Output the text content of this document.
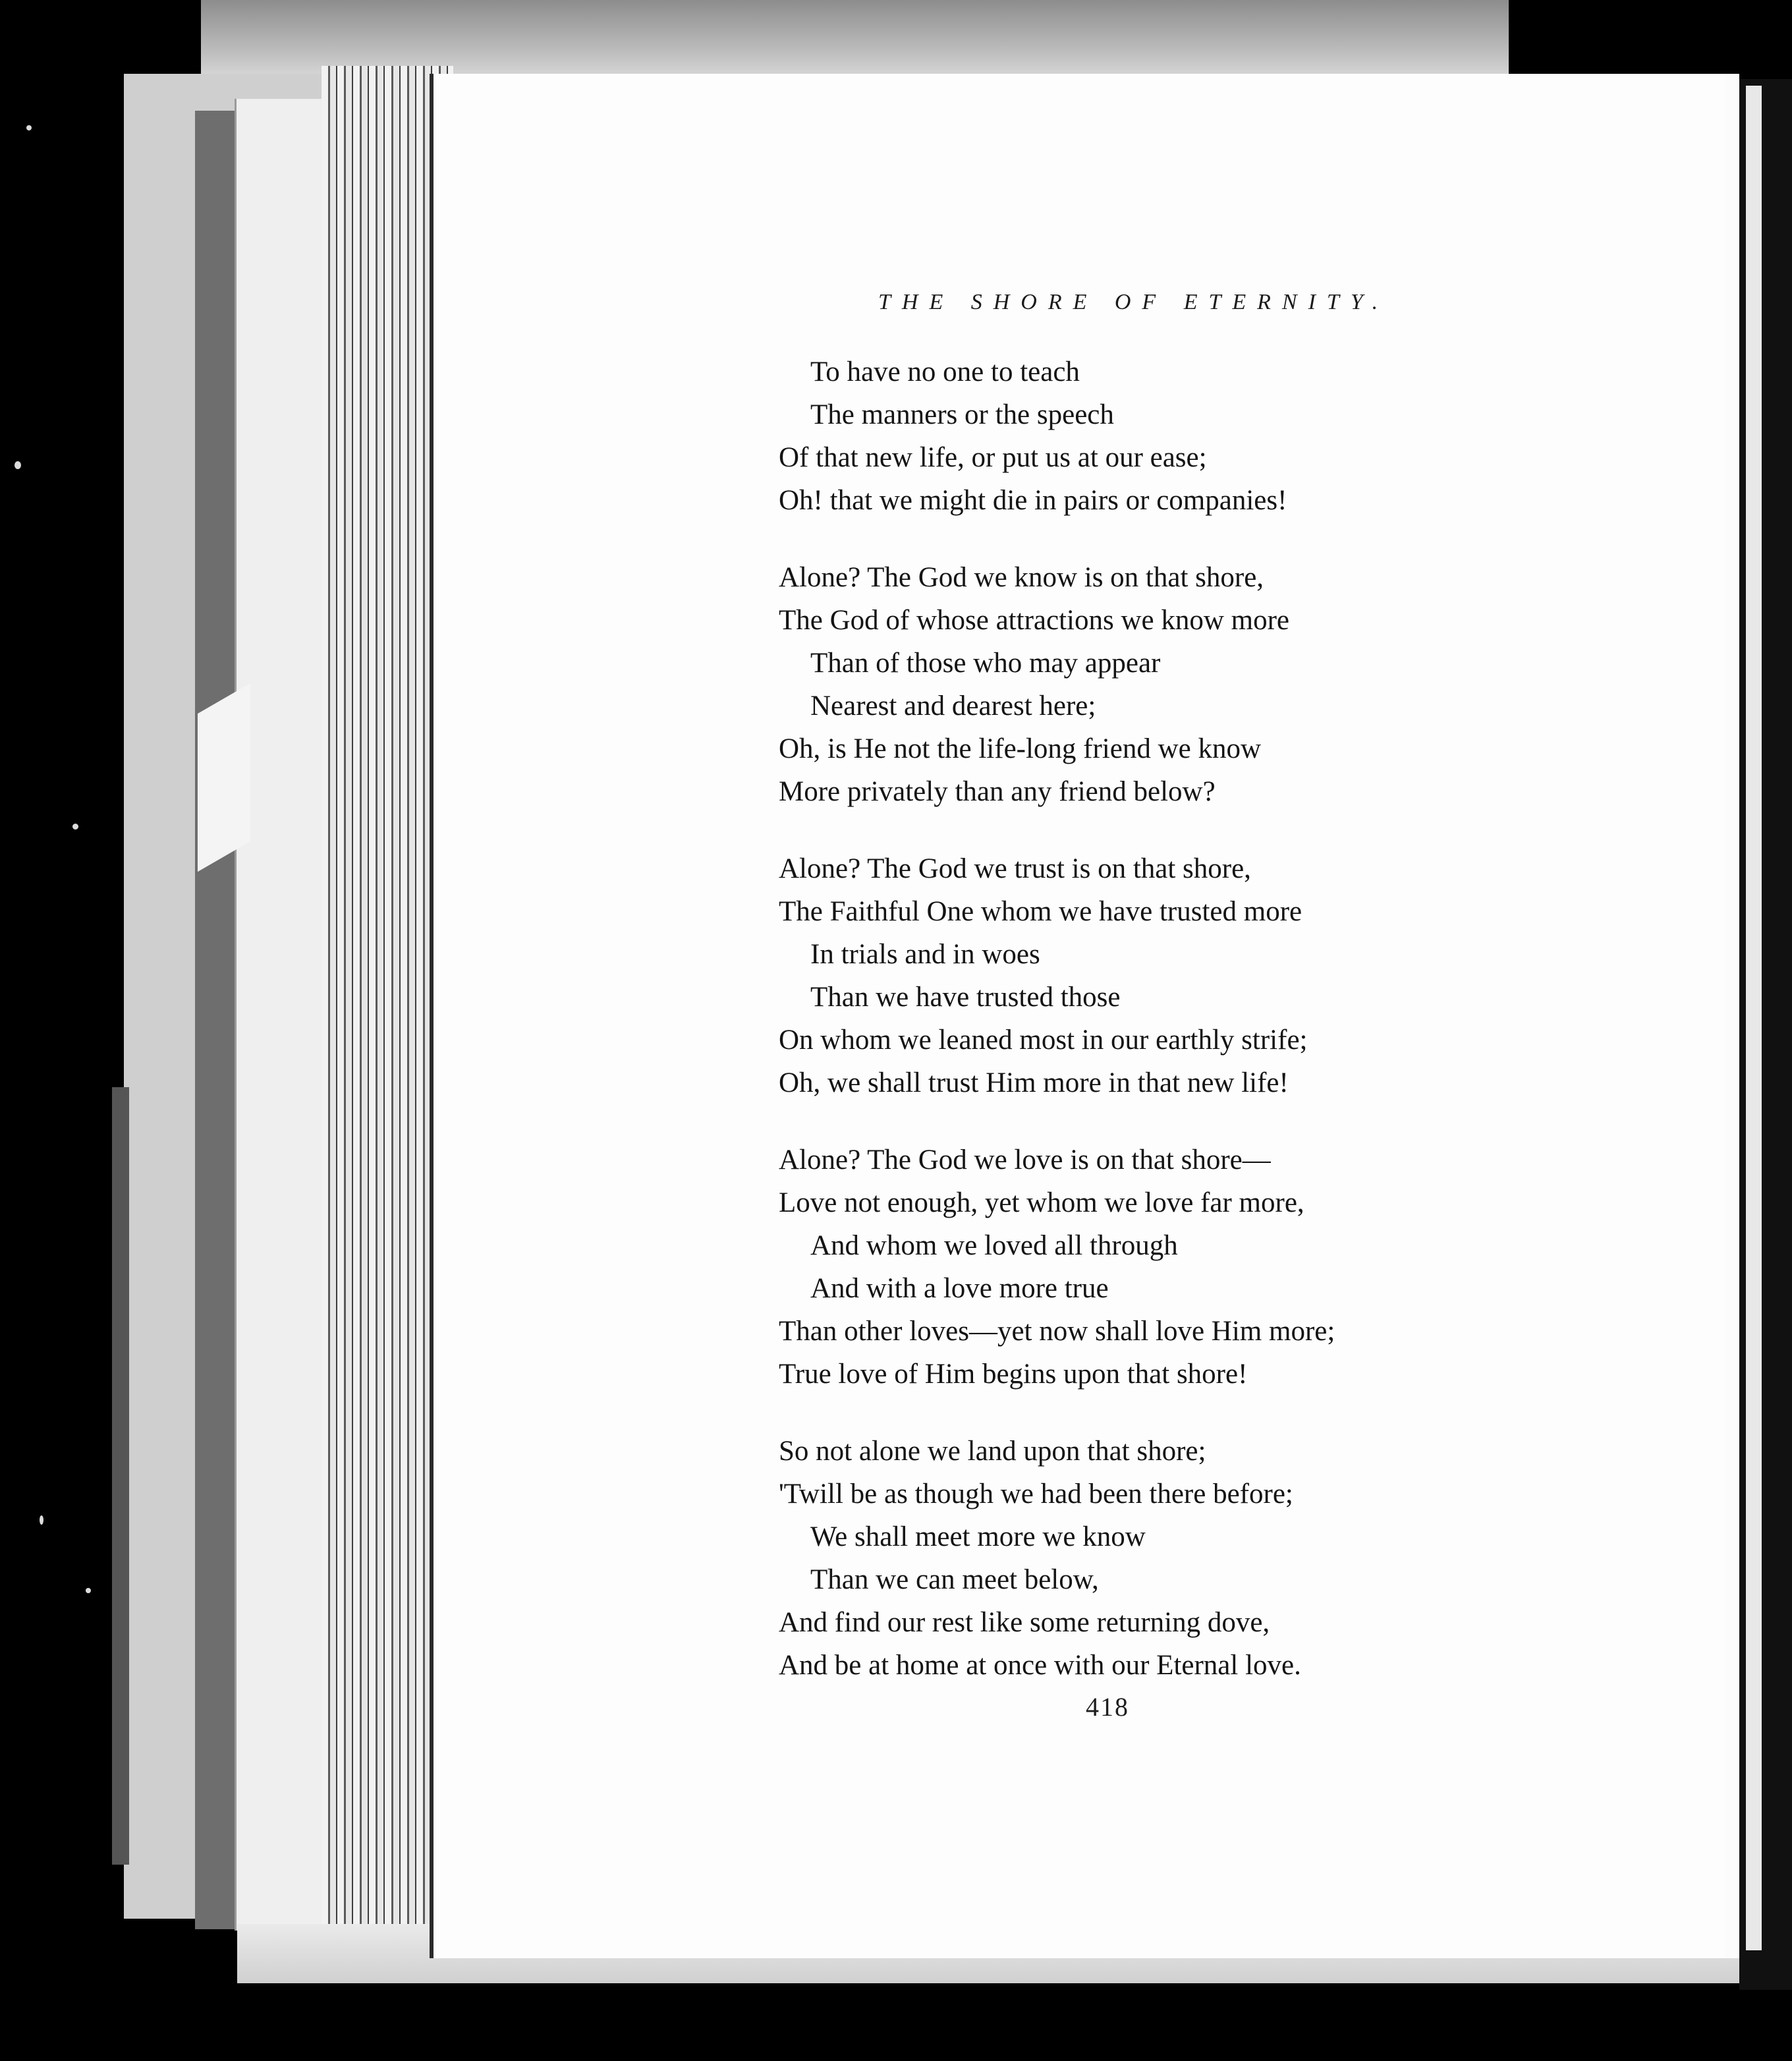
THE SHORE OF ETERNITY.
To have no one to teach
The manners or the speech
Of that new life, or put us at our ease;
Oh! that we might die in pairs or companies!
Alone? The God we know is on that shore,
The God of whose attractions we know more
Than of those who may appear
Nearest and dearest here;
Oh, is He not the life-long friend we know
More privately than any friend below?
Alone? The God we trust is on that shore,
The Faithful One whom we have trusted more
In trials and in woes
Than we have trusted those
On whom we leaned most in our earthly strife;
Oh, we shall trust Him more in that new life!
Alone? The God we love is on that shore—
Love not enough, yet whom we love far more,
And whom we loved all through
And with a love more true
Than other loves—yet now shall love Him more;
True love of Him begins upon that shore!
So not alone we land upon that shore;
'Twill be as though we had been there before;
We shall meet more we know
Than we can meet below,
And find our rest like some returning dove,
And be at home at once with our Eternal love.
418
